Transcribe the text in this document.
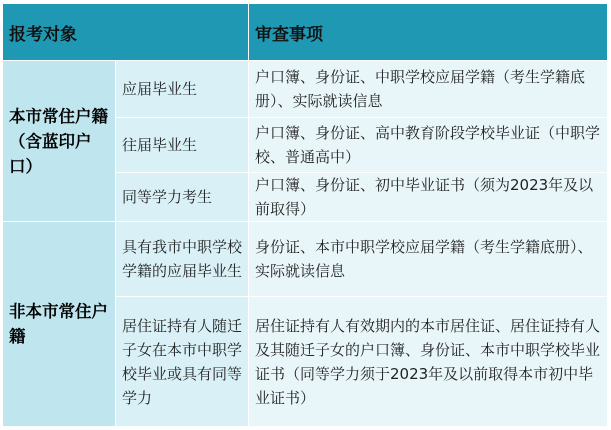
报考对象		审查事项
本市常住户籍（含蓝印户口）	应届毕业生	户口簿、身份证、中职学校应届学籍（考生学籍底册）、实际就读信息
	往届毕业生	户口簿、身份证、高中教育阶段学校毕业证（中职学校、普通高中）
	同等学力考生	户口簿、身份证、初中毕业证书（须为2023年及以前取得）
非本市常住户籍	具有我市中职学校学籍的应届毕业生	身份证、本市中职学校应届学籍（考生学籍底册）、实际就读信息
	居住证持有人随迁子女在本市中职学校毕业或具有同等学力	居住证持有人有效期内的本市居住证、居住证持有人及其随迁子女的户口簿、身份证、本市中职学校毕业证书（同等学力须于2023年及以前取得本市初中毕业证书）
